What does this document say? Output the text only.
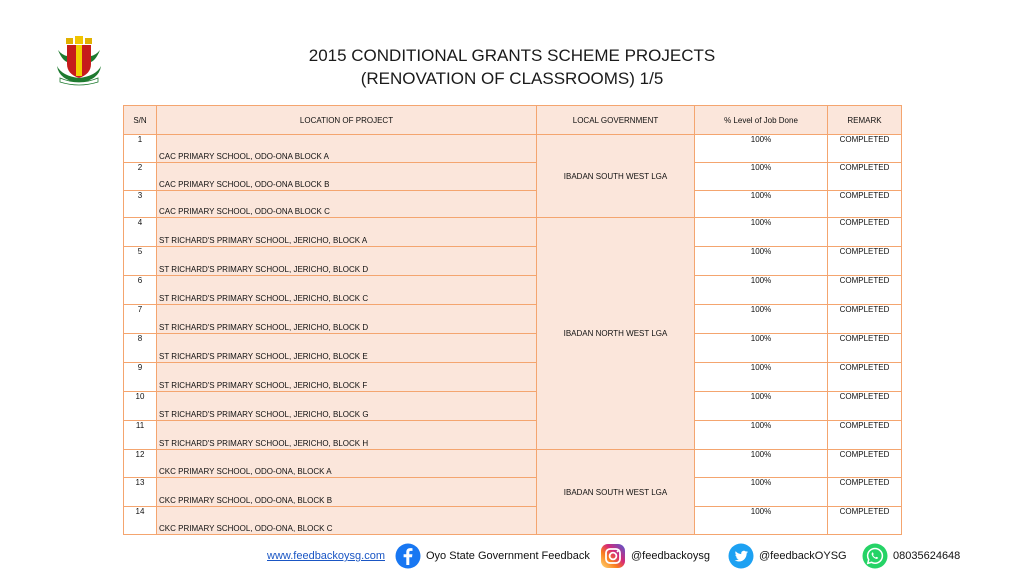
2015 CONDITIONAL GRANTS SCHEME PROJECTS
(RENOVATION OF CLASSROOMS) 1/5
S/N	LOCATION OF PROJECT	LOCAL GOVERNMENT	% Level of Job Done	REMARK
1	CAC PRIMARY SCHOOL, ODO-ONA BLOCK A	IBADAN SOUTH WEST LGA	100%	COMPLETED
2	CAC PRIMARY SCHOOL, ODO-ONA BLOCK B		100%	COMPLETED
3	CAC PRIMARY SCHOOL, ODO-ONA BLOCK C		100%	COMPLETED
4	ST RICHARD'S PRIMARY SCHOOL, JERICHO, BLOCK A	IBADAN NORTH WEST LGA	100%	COMPLETED
5	ST RICHARD'S PRIMARY SCHOOL, JERICHO, BLOCK D		100%	COMPLETED
6	ST RICHARD'S PRIMARY SCHOOL, JERICHO, BLOCK C		100%	COMPLETED
7	ST RICHARD'S PRIMARY SCHOOL, JERICHO, BLOCK D		100%	COMPLETED
8	ST RICHARD'S PRIMARY SCHOOL, JERICHO, BLOCK E		100%	COMPLETED
9	ST RICHARD'S PRIMARY SCHOOL, JERICHO, BLOCK F		100%	COMPLETED
10	ST RICHARD'S PRIMARY SCHOOL, JERICHO, BLOCK G		100%	COMPLETED
11	ST RICHARD'S PRIMARY SCHOOL, JERICHO, BLOCK H		100%	COMPLETED
12	CKC PRIMARY SCHOOL, ODO-ONA, BLOCK A	IBADAN SOUTH WEST LGA	100%	COMPLETED
13	CKC PRIMARY SCHOOL, ODO-ONA, BLOCK B		100%	COMPLETED
14	CKC PRIMARY SCHOOL, ODO-ONA, BLOCK C		100%	COMPLETED
www.feedbackoysg.com	Oyo State Government Feedback	@feedbackoysg	@feedbackOYSG	08035624648
